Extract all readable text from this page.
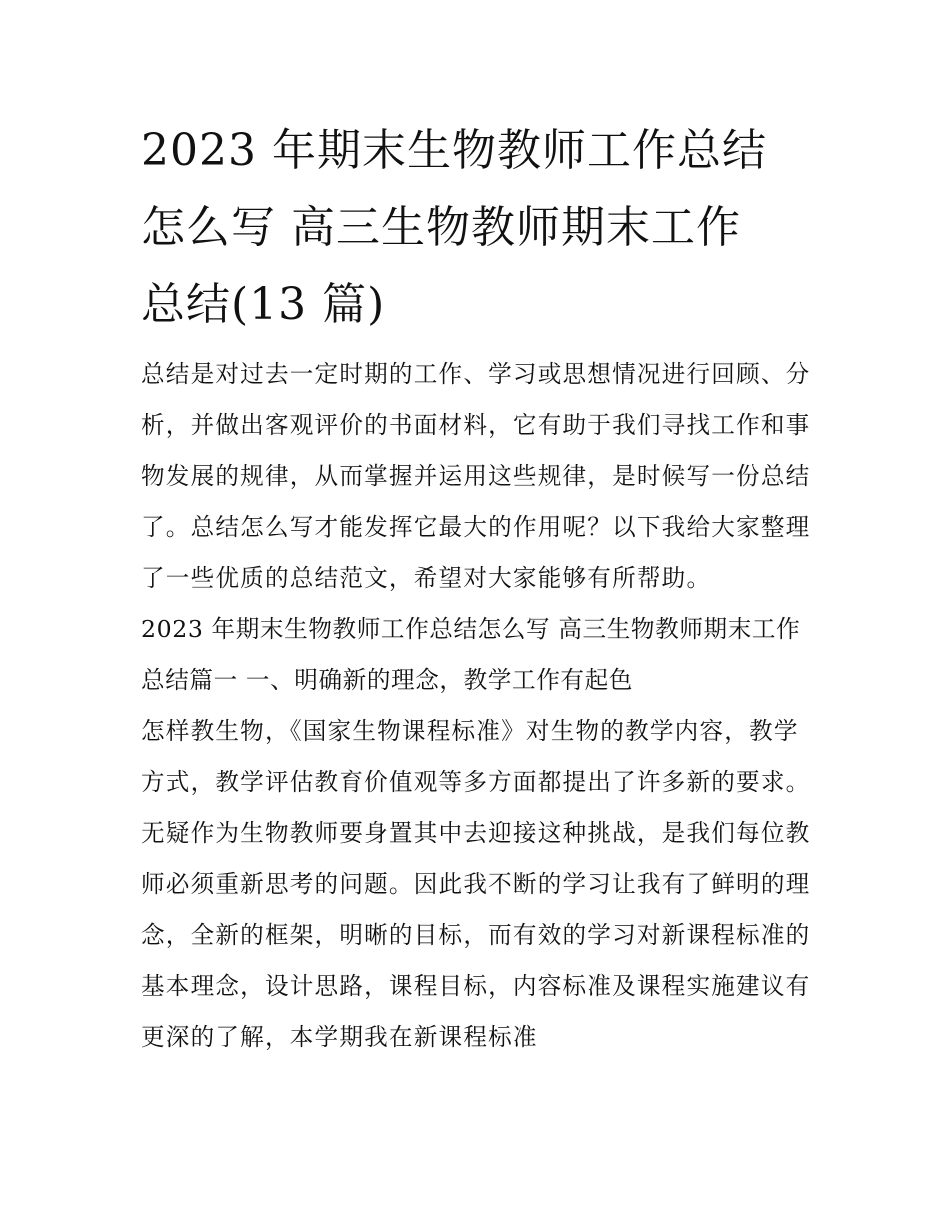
2023 年期末生物教师工作总结
怎么写 高三生物教师期末工作
总结(13 篇)

总结是对过去一定时期的工作、学习或思想情况进行回顾、分
析，并做出客观评价的书面材料，它有助于我们寻找工作和事
物发展的规律，从而掌握并运用这些规律，是时候写一份总结
了。总结怎么写才能发挥它最大的作用呢？以下我给大家整理
了一些优质的总结范文，希望对大家能够有所帮助。

2023 年期末生物教师工作总结怎么写 高三生物教师期末工作
总结篇一 一、明确新的理念，教学工作有起色

怎样教生物，《国家生物课程标准》对生物的教学内容，教学
方式，教学评估教育价值观等多方面都提出了许多新的要求。
无疑作为生物教师要身置其中去迎接这种挑战，是我们每位教
师必须重新思考的问题。因此我不断的学习让我有了鲜明的理
念，全新的框架，明晰的目标，而有效的学习对新课程标准的
基本理念，设计思路，课程目标，内容标准及课程实施建议有
更深的了解，本学期我在新课程标准
